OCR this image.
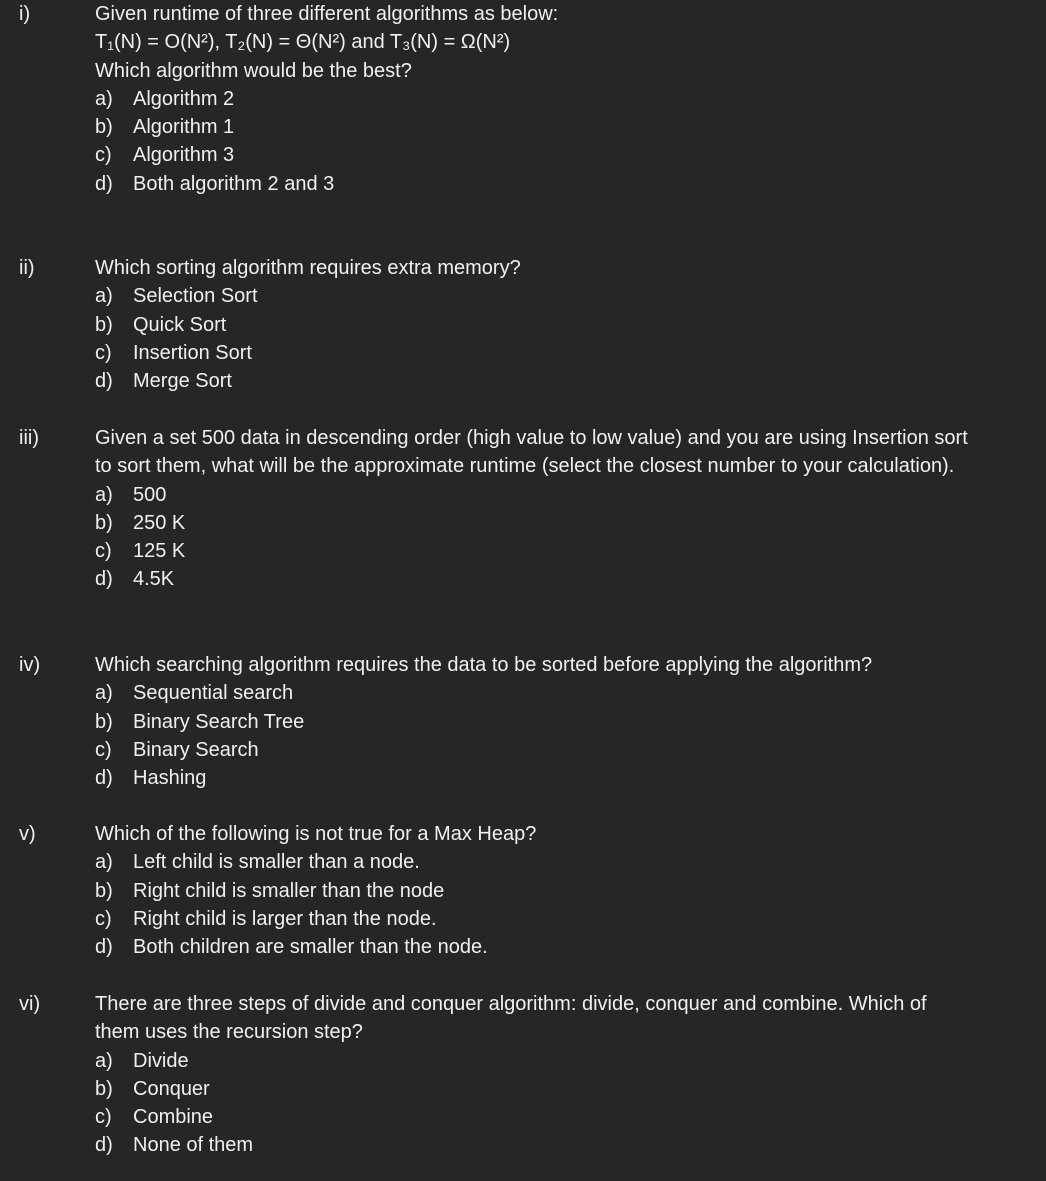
i)	Given runtime of three different algorithms as below:
T₁(N) = O(N²), T₂(N) = Θ(N²) and T₃(N) = Ω(N²)
Which algorithm would be the best?
a)	Algorithm 2
b)	Algorithm 1
c)	Algorithm 3
d)	Both algorithm 2 and 3
ii)	Which sorting algorithm requires extra memory?
a)	Selection Sort
b)	Quick Sort
c)	Insertion Sort
d)	Merge Sort
iii)	Given a set 500 data in descending order (high value to low value) and you are using Insertion sort to sort them, what will be the approximate runtime (select the closest number to your calculation).
a)	500
b)	250 K
c)	125 K
d)	4.5K
iv)	Which searching algorithm requires the data to be sorted before applying the algorithm?
a)	Sequential search
b)	Binary Search Tree
c)	Binary Search
d)	Hashing
v)	Which of the following is not true for a Max Heap?
a)	Left child is smaller than a node.
b)	Right child is smaller than the node
c)	Right child is larger than the node.
d)	Both children are smaller than the node.
vi)	There are three steps of divide and conquer algorithm: divide, conquer and combine. Which of them uses the recursion step?
a)	Divide
b)	Conquer
c)	Combine
d)	None of them
